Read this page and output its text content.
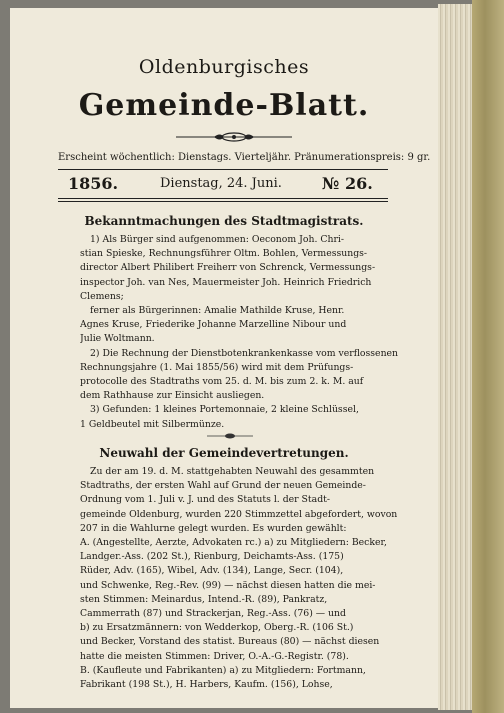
Oldenburgisches
Gemeinde-Blatt.
Erscheint wöchentlich: Dienstags. Vierteljähr. Pränumerationspreis: 9 gr.
1856.	Dienstag, 24. Juni.	№ 26.
Bekanntmachungen des Stadtmagistrats.
1) Als Bürger sind aufgenommen: Oeconom Joh. Chri-
stian Spieske, Rechnungsführer Oltm. Bohlen, Vermessungs-
director Albert Philibert Freiherr von Schrenck, Vermessungs-
inspector Joh. van Nes, Mauermeister Joh. Heinrich Friedrich
Clemens;
ferner als Bürgerinnen: Amalie Mathilde Kruse, Henr.
Agnes Kruse, Friederike Johanne Marzelline Nibour und
Julie Woltmann.
2) Die Rechnung der Dienstbotenkrankenkasse vom verflossenen
Rechnungsjahre (1. Mai 1855/56) wird mit dem Prüfungs-
protocolle des Stadtraths vom 25. d. M. bis zum 2. k. M. auf
dem Rathhause zur Einsicht ausliegen.
3) Gefunden: 1 kleines Portemonnaie, 2 kleine Schlüssel,
1 Geldbeutel mit Silbermünze.
Neuwahl der Gemeindevertretungen.
Zu der am 19. d. M. stattgehabten Neuwahl des gesammten
Stadtraths, der ersten Wahl auf Grund der neuen Gemeinde-
Ordnung vom 1. Juli v. J. und des Statuts l. der Stadt-
gemeinde Oldenburg, wurden 220 Stimmzettel abgefordert, wovon
207 in die Wahlurne gelegt wurden. Es wurden gewählt:
A. (Angestellte, Aerzte, Advokaten rc.) a) zu Mitgliedern: Becker,
Landger.-Ass. (202 St.), Rienburg, Deichamts-Ass. (175)
Rüder, Adv. (165), Wibel, Adv. (134), Lange, Secr. (104),
und Schwenke, Reg.-Rev. (99) — nächst diesen hatten die mei-
sten Stimmen: Meinardus, Intend.-R. (89), Pankratz,
Cammerrath (87) und Strackerjan, Reg.-Ass. (76) — und
b) zu Ersatzmännern: von Wedderkop, Oberg.-R. (106 St.)
und Becker, Vorstand des statist. Bureaus (80) — nächst diesen
hatte die meisten Stimmen: Driver, O.-A.-G.-Registr. (78).
B. (Kaufleute und Fabrikanten) a) zu Mitgliedern: Fortmann,
Fabrikant (198 St.), H. Harbers, Kaufm. (156), Lohse,
